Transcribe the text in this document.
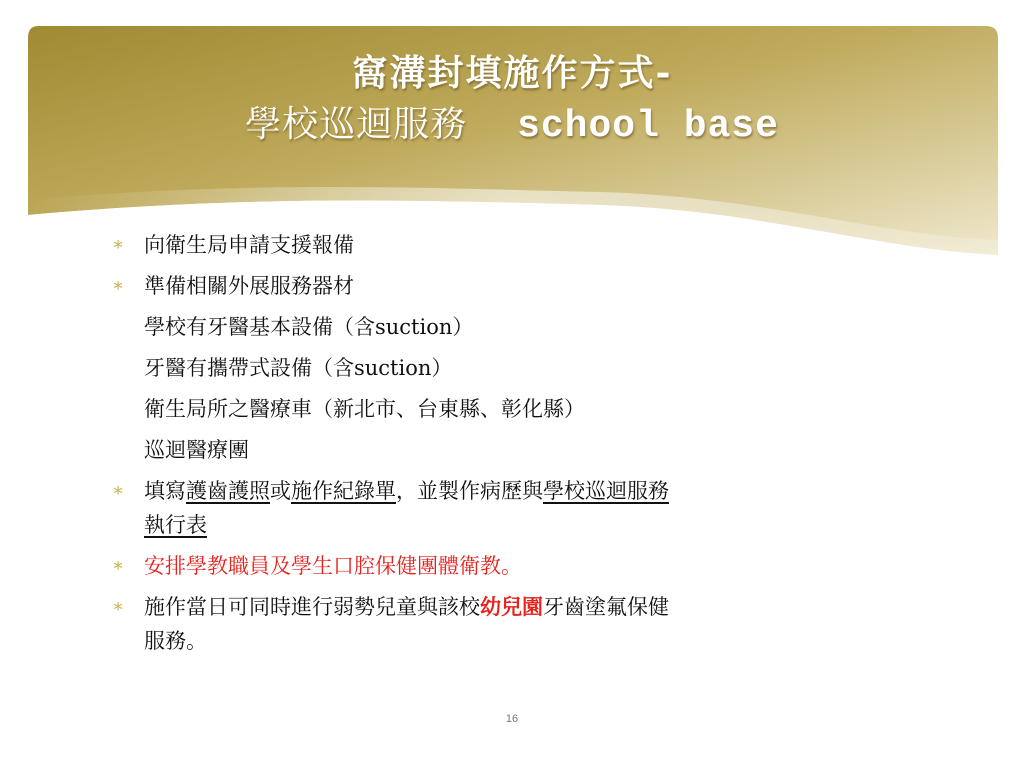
窩溝封填施作方式-
學校巡迴服務 school base
∗ 向衛生局申請支援報備
∗ 準備相關外展服務器材
學校有牙醫基本設備（含suction）
牙醫有攜帶式設備（含suction）
衛生局所之醫療車（新北市、台東縣、彰化縣）
巡迴醫療團
∗ 填寫護齒護照或施作紀錄單，並製作病歷與學校巡迴服務
執行表
∗ 安排學教職員及學生口腔保健團體衛教。
∗ 施作當日可同時進行弱勢兒童與該校幼兒園牙齒塗氟保健
服務。
16
